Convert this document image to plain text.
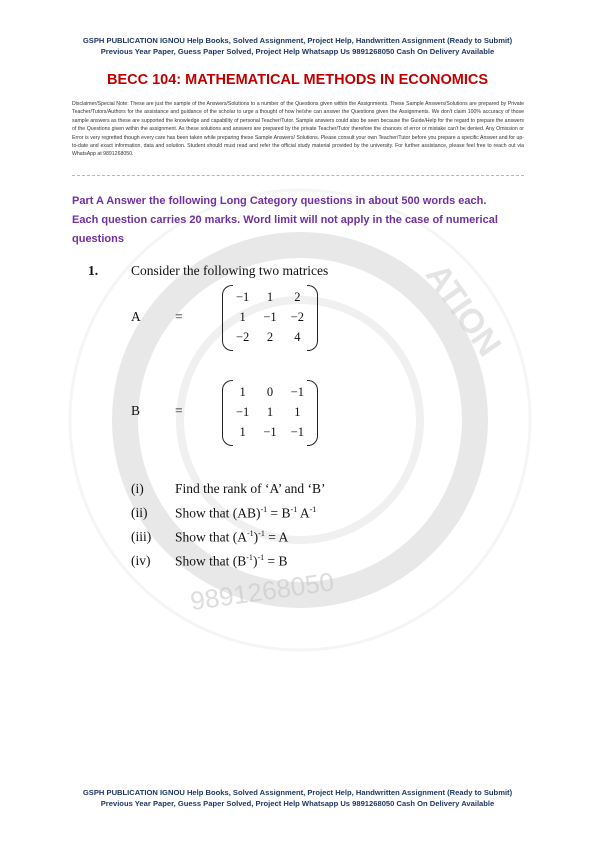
ATION
9891268050
GSPH PUBLICATION IGNOU Help Books, Solved Assignment, Project Help, Handwritten Assignment (Ready to Submit)
Previous Year Paper, Guess Paper Solved, Project Help Whatsapp Us 9891268050 Cash On Delivery Available
BECC 104: MATHEMATICAL METHODS IN ECONOMICS
Disclaimer/Special Note: These are just the sample of the Answers/Solutions to a number of the Questions given within the Assignments. These Sample Answers/Solutions are prepared by Private Teacher/Tutors/Authors for the assistance and guidance of the scholar to urge a thought of how he/she can answer the Questions given the Assignments. We don't claim 100% accuracy of those sample answers as these are supported the knowledge and capability of personal Teacher/Tutor. Sample answers could also be seen because the Guide/Help for the regard to prepare the answers of the Questions given within the assignment. As these solutions and answers are prepared by the private Teacher/Tutor therefore the chances of error or mistake can't be denied. Any Omission or Error is very regretted though every care has been taken while preparing these Sample Answers/ Solutions. Please consult your own Teacher/Tutor before you prepare a specific Answer and for up-to-date and exact information, data and solution. Student should must read and refer the official study material provided by the university. For further assistance, please feel free to reach out via WhatsApp at 9891268050.
Part A Answer the following Long Category questions in about 500 words each.
Each question carries 20 marks. Word limit will not apply in the case of numerical
questions
1. Consider the following two matrices
A	=
−1	1	2
1	−1	−2
−2	2	4
B	=
1	0	−1
−1	1	1
1	−1	−1
(i) Find the rank of ‘A’ and ‘B’
(ii) Show that $(AB)^{-1} = B^{-1}$ $A^{-1}$
(iii) Show that $(A^{-1})^{-1} = A$
(iv) Show that $(B^{-1})^{-1} = B$
GSPH PUBLICATION IGNOU Help Books, Solved Assignment, Project Help, Handwritten Assignment (Ready to Submit)
Previous Year Paper, Guess Paper Solved, Project Help Whatsapp Us 9891268050 Cash On Delivery Available
